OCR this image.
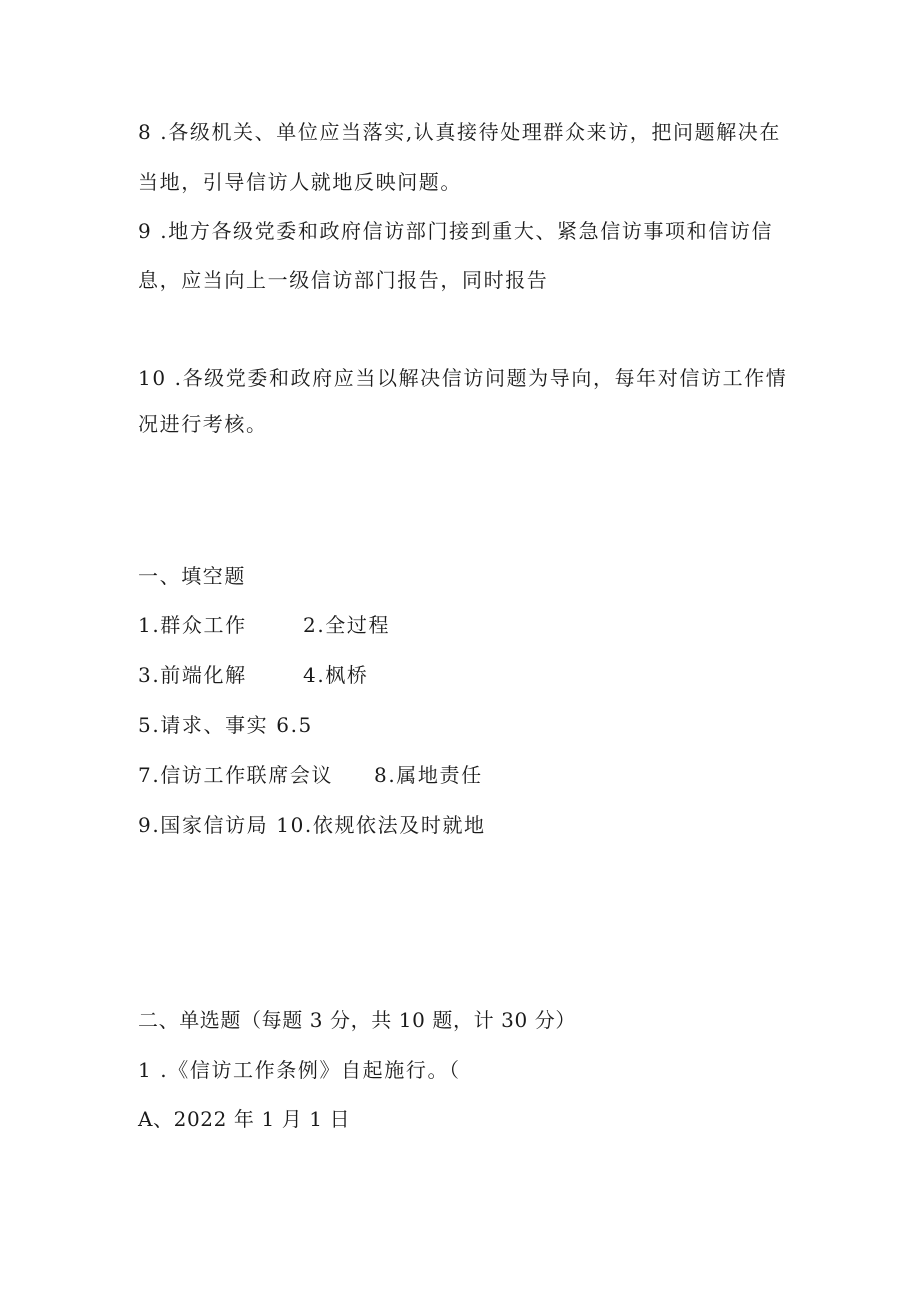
8 .各级机关、单位应当落实,认真接待处理群众来访，把问题解决在

当地，引导信访人就地反映问题。

9 .地方各级党委和政府信访部门接到重大、紧急信访事项和信访信

息，应当向上一级信访部门报告，同时报告

10 .各级党委和政府应当以解决信访问题为导向，每年对信访工作情

况进行考核。

一、填空题

1.群众工作

	2.全过程

3.前端化解

	4.枫桥

5.请求、事实 6.5

7.信访工作联席会议

8.属地责任

9.国家信访局 10.依规依法及时就地

二、单选题（每题 3 分，共 10 题，计 30 分）

1 .《信访工作条例》自起施行。（

A、2022 年 1 月 1 日
